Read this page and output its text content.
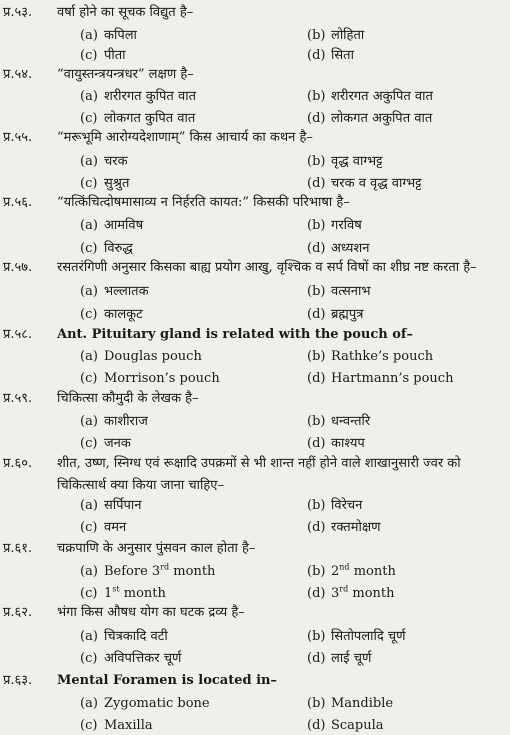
प्र.५३. वर्षा होने का सूचक विद्युत है–
(a) कपिला	(b) लोहिता
(c) पीता	(d) सिता
प्र.५४. “वायुस्तन्त्रयन्त्रधर” लक्षण है–
(a) शरीरगत कुपित वात	(b) शरीरगत अकुपित वात
(c) लोकगत कुपित वात	(d) लोकगत अकुपित वात
प्र.५५. “मरूभूमि आरोग्यदेशाणाम्” किस आचार्य का कथन है–
(a) चरक	(b) वृद्ध वाग्भट्ट
(c) सुश्रुत	(d) चरक व वृद्ध वाग्भट्ट
प्र.५६. “यत्किंचित्दोषमासाव्य न निर्हरति कायत:” किसकी परिभाषा है–
(a) आमविष	(b) गरविष
(c) विरुद्ध	(d) अध्यशन
प्र.५७. रसतरंगिणी अनुसार किसका बाह्य प्रयोग आखु, वृश्चिक व सर्प विषों का शीघ्र नष्ट करता है–
(a) भल्लातक	(b) वत्सनाभ
(c) कालकूट	(d) ब्रह्मपुत्र
प्र.५८. Ant. Pituitary gland is related with the pouch of–
(a) Douglas pouch	(b) Rathke’s pouch
(c) Morrison’s pouch	(d) Hartmann’s pouch
प्र.५९. चिकित्सा कौमुदी के लेखक है–
(a) काशीराज	(b) धन्वन्तरि
(c) जनक	(d) काश्यप
प्र.६०. शीत, उष्ण, स्निग्ध एवं रूक्षादि उपक्रमों से भी शान्त नहीं होने वाले शाखानुसारी ज्वर को चिकित्सार्थ क्या किया जाना चाहिए–
(a) सर्पिपान	(b) विरेचन
(c) वमन	(d) रक्तमोक्षण
प्र.६१. चक्रपाणि के अनुसार पुंसवन काल होता है–
(a) Before 3rd month	(b) 2nd month
(c) 1st month	(d) 3rd month
प्र.६२. भंगा किस औषध योग का घटक द्रव्य है–
(a) चित्रकादि वटी	(b) सितोपलादि चूर्ण
(c) अविपत्तिकर चूर्ण	(d) लाई चूर्ण
प्र.६३. Mental Foramen is located in–
(a) Zygomatic bone	(b) Mandible
(c) Maxilla	(d) Scapula
